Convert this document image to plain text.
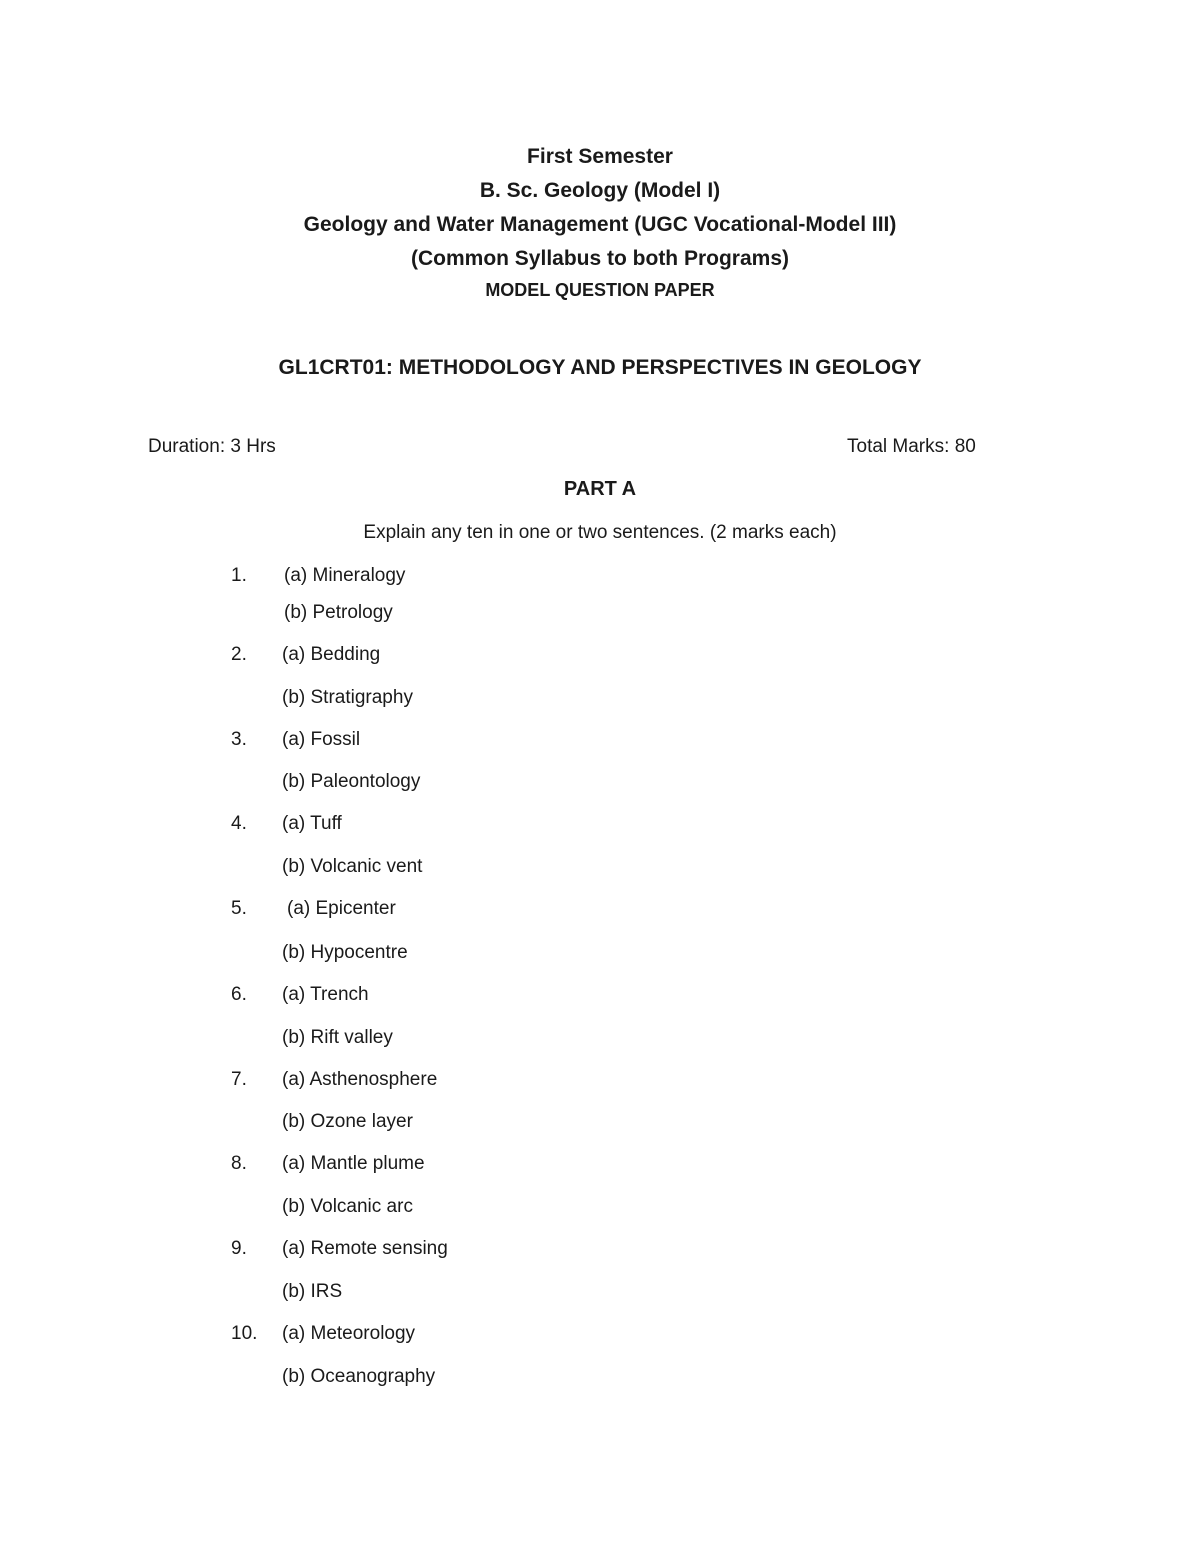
First Semester
B. Sc. Geology (Model I)
Geology and Water Management (UGC Vocational-Model III)
(Common Syllabus to both Programs)
MODEL QUESTION PAPER
GL1CRT01: METHODOLOGY AND PERSPECTIVES IN GEOLOGY
Duration: 3 Hrs	Total Marks: 80
PART A
Explain any ten in one or two sentences. (2 marks each)
1. (a) Mineralogy
(b) Petrology
2. (a) Bedding
(b) Stratigraphy
3. (a) Fossil
(b) Paleontology
4. (a) Tuff
(b) Volcanic vent
5. (a) Epicenter
(b) Hypocentre
6. (a) Trench
(b) Rift valley
7. (a) Asthenosphere
(b) Ozone layer
8. (a) Mantle plume
(b) Volcanic arc
9. (a) Remote sensing
(b) IRS
10. (a) Meteorology
(b) Oceanography
